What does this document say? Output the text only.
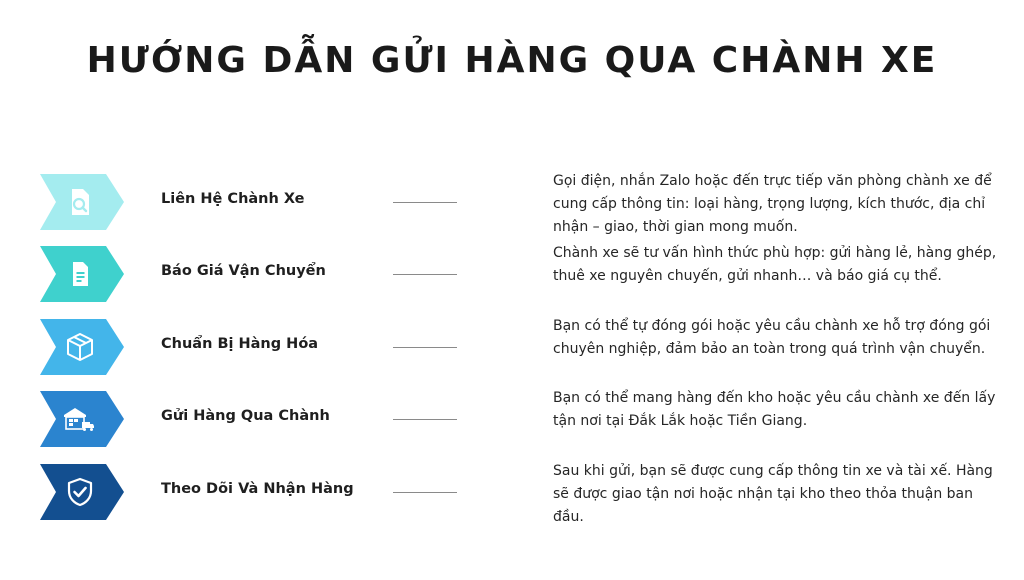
HƯỚNG DẪN GỬI HÀNG QUA CHÀNH XE
Liên Hệ Chành Xe
Gọi điện, nhắn Zalo hoặc đến trực tiếp văn phòng chành xe để cung cấp thông tin: loại hàng, trọng lượng, kích thước, địa chỉ nhận – giao, thời gian mong muốn.
Báo Giá Vận Chuyển
Chành xe sẽ tư vấn hình thức phù hợp: gửi hàng lẻ, hàng ghép, thuê xe nguyên chuyến, gửi nhanh… và báo giá cụ thể.
Chuẩn Bị Hàng Hóa
Bạn có thể tự đóng gói hoặc yêu cầu chành xe hỗ trợ đóng gói chuyên nghiệp, đảm bảo an toàn trong quá trình vận chuyển.
Gửi Hàng Qua Chành
Bạn có thể mang hàng đến kho hoặc yêu cầu chành xe đến lấy tận nơi tại Đắk Lắk hoặc Tiền Giang.
Theo Dõi Và Nhận Hàng
Sau khi gửi, bạn sẽ được cung cấp thông tin xe và tài xế. Hàng sẽ được giao tận nơi hoặc nhận tại kho theo thỏa thuận ban đầu.
